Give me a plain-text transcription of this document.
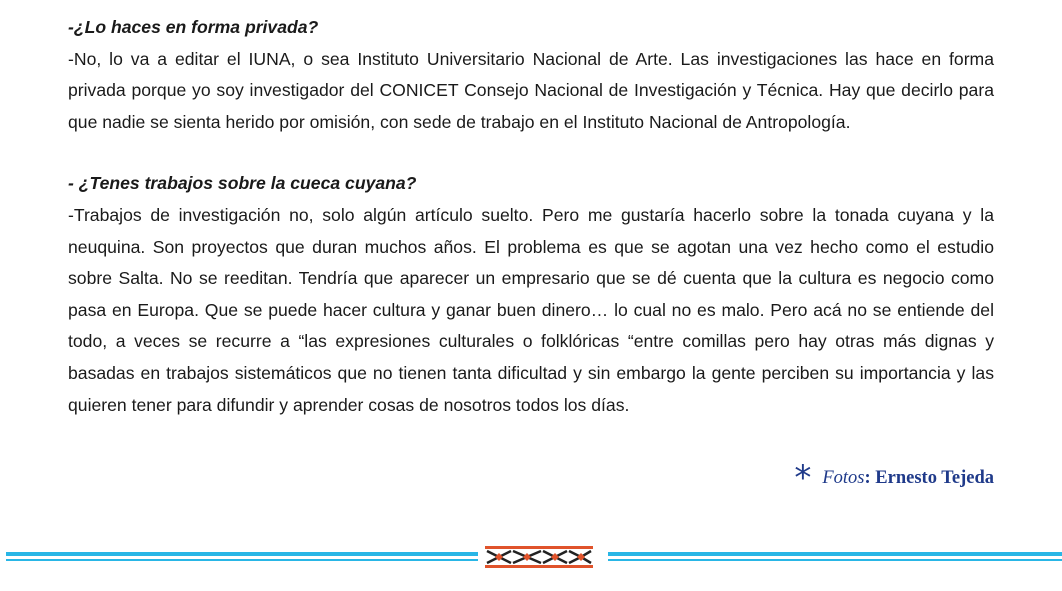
-¿Lo haces en forma privada?

-No, lo va a editar el IUNA, o sea Instituto Universitario Nacional de Arte. Las investigaciones las hace en forma privada porque yo soy investigador del CONICET Consejo Nacional de Investigación y Técnica. Hay que decirlo para que nadie se sienta herido por omisión, con sede de trabajo en el Instituto Nacional de Antropología.

- ¿Tenes trabajos sobre la cueca cuyana?

-Trabajos de investigación no, solo algún artículo suelto. Pero me gustaría hacerlo sobre la tonada cuyana y la neuquina. Son proyectos que duran muchos años. El problema es que se agotan una vez hecho como el estudio sobre Salta. No se reeditan. Tendría que aparecer un empresario que se dé cuenta que la cultura es negocio como pasa en Europa. Que se puede hacer cultura y ganar buen dinero… lo cual no es malo. Pero acá no se entiende del todo, a veces se recurre a “las expresiones culturales o folklóricas “entre comillas pero hay otras más dignas y basadas en trabajos sistemáticos que no tienen tanta dificultad y sin embargo la gente perciben su importancia y las quieren tener para difundir y aprender cosas de nosotros todos los días.

* Fotos: Ernesto Tejeda
